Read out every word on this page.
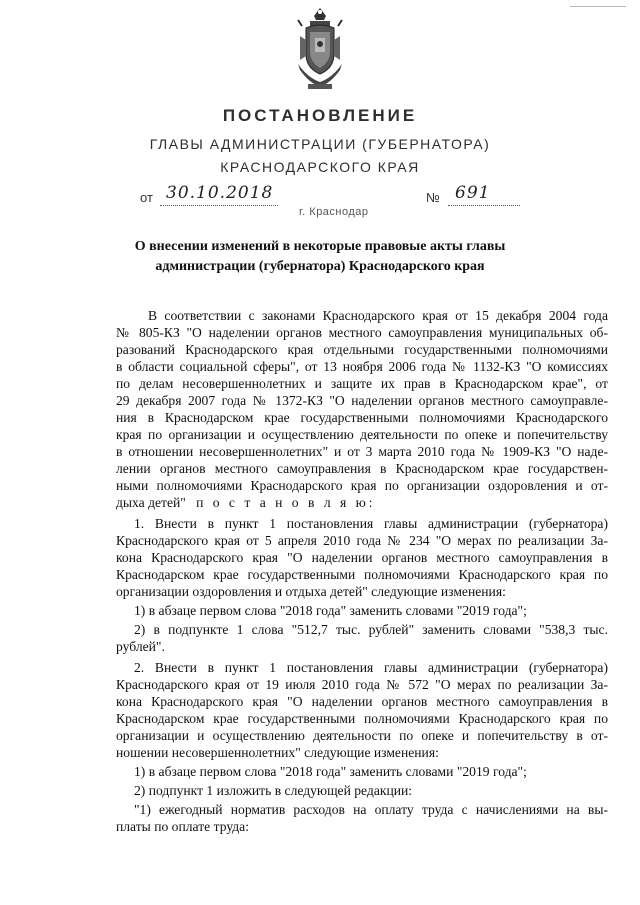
ПОСТАНОВЛЕНИЕ
ГЛАВЫ АДМИНИСТРАЦИИ (ГУБЕРНАТОРА)
КРАСНОДАРСКОГО КРАЯ
от 30.10.2018	№ 691
г. Краснодар
О внесении изменений в некоторые правовые акты главы
администрации (губернатора) Краснодарского края
В соответствии с законами Краснодарского края от 15 декабря 2004 года
№ 805-КЗ "О наделении органов местного самоуправления муниципальных об-
разований Краснодарского края отдельными государственными полномочиями
в области социальной сферы", от 13 ноября 2006 года № 1132-КЗ "О комиссиях
по делам несовершеннолетних и защите их прав в Краснодарском крае", от
29 декабря 2007 года № 1372-КЗ "О наделении органов местного самоуправле-
ния в Краснодарском крае государственными полномочиями Краснодарского
края по организации и осуществлению деятельности по опеке и попечительству
в отношении несовершеннолетних" и от 3 марта 2010 года № 1909-КЗ "О наде-
лении органов местного самоуправления в Краснодарском крае государствен-
ными полномочиями Краснодарского края по организации оздоровления и от-
дыха детей" п о с т а н о в л я ю:
1. Внести в пункт 1 постановления главы администрации (губернатора)
Краснодарского края от 5 апреля 2010 года № 234 "О мерах по реализации За-
кона Краснодарского края "О наделении органов местного самоуправления в
Краснодарском крае государственными полномочиями Краснодарского края по
организации оздоровления и отдыха детей" следующие изменения:
1) в абзаце первом слова "2018 года" заменить словами "2019 года";
2) в подпункте 1 слова "512,7 тыс. рублей" заменить словами "538,3 тыс.
рублей".
2. Внести в пункт 1 постановления главы администрации (губернатора)
Краснодарского края от 19 июля 2010 года № 572 "О мерах по реализации За-
кона Краснодарского края "О наделении органов местного самоуправления в
Краснодарском крае государственными полномочиями Краснодарского края по
организации и осуществлению деятельности по опеке и попечительству в от-
ношении несовершеннолетних" следующие изменения:
1) в абзаце первом слова "2018 года" заменить словами "2019 года";
2) подпункт 1 изложить в следующей редакции:
"1) ежегодный норматив расходов на оплату труда с начислениями на вы-
платы по оплате труда:
